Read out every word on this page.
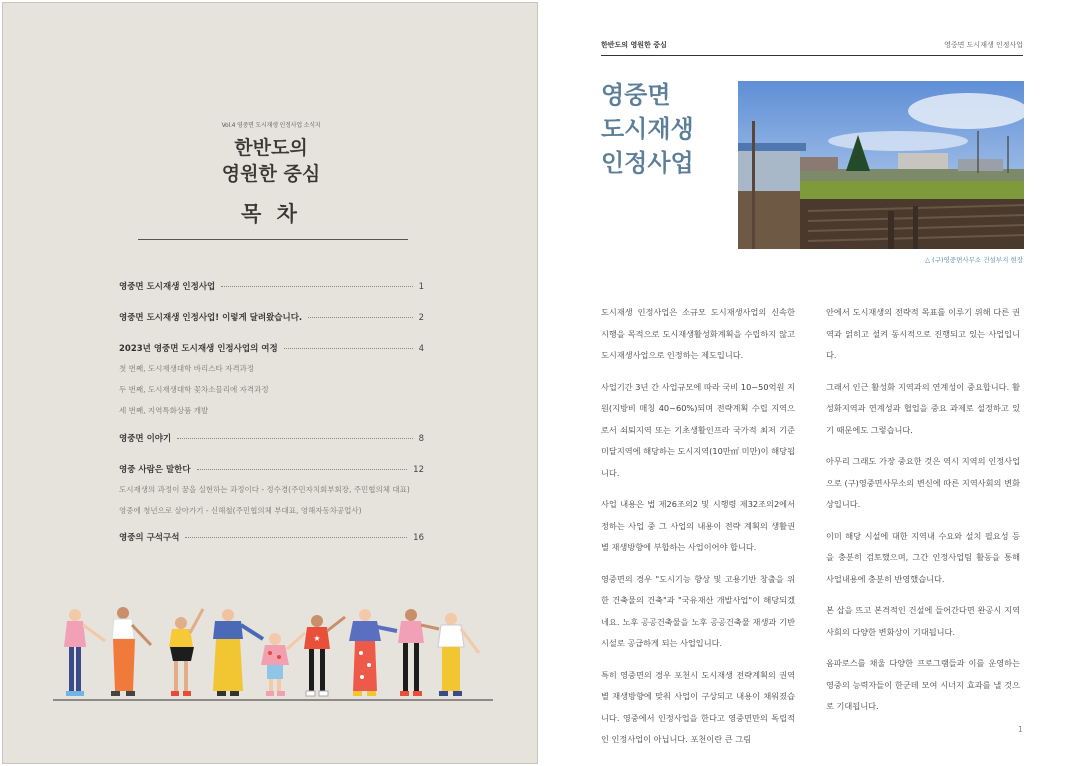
Vol.4 영중면 도시재생 인정사업 소식지
한반도의
영원한 중심
목 차
영중면 도시재생 인정사업	1
영중면 도시재생 인정사업! 이렇게 달려왔습니다.	2
2023년 영중면 도시재생 인정사업의 여정	4
첫 번째, 도시재생대학 바리스타 자격과정
두 번째, 도시재생대학 꽃차소믈리에 자격과정
세 번째, 지역특화상품 개발
영중면 이야기	8
영중 사람은 말한다	12
도시재생의 과정이 꿈을 실현하는 과정이다 - 정수경(주민자치회부회장, 주민협의체 대표)
영중에 청년으로 살아가기 - 신해철(주민협의체 부대표, 영해자동차공업사)
영중의 구석구석	16
★
한반도의 영원한 중심	영중면 도시재생 인정사업
영중면
도시재생
인정사업
△ (구)영중면사무소 건설부지 현장

도시재생 인정사업은 소규모 도시재생사업의 신속한 시행을 목적으로 도시재생활성화계획을 수립하지 않고 도시재생사업으로 인정하는 제도입니다.

사업기간 3년 간 사업규모에 따라 국비 10~50억원 지원(지방비 매칭 40~60%)되며 전략계획 수립 지역으로서 쇠퇴지역 또는 기초생활인프라 국가적 최저 기준 미달지역에 해당하는 도시지역(10만㎡ 미만)이 해당됩니다.

사업 내용은 법 제26조의2 및 시행령 제32조의2에서 정하는 사업 중 그 사업의 내용이 전략 계획의 생활권별 재생방향에 부합하는 사업이어야 합니다.

영중면의 경우 "도시기능 향상 및 고용기반 창출을 위한 건축물의 건축"과 "국유재산 개발사업"이 해당되겠네요. 노후 공공건축물을 노후 공공건축물 재생과 기반시설로 공급하게 되는 사업입니다.

특히 영중면의 경우 포천시 도시재생 전략계획의 권역별 재생방향에 맞춰 사업이 구상되고 내용이 채워졌습니다. 영중에서 인정사업을 한다고 영중면만의 독립적인 인정사업이 아닙니다. 포천이란 큰 그림

안에서 도시재생의 전략적 목표를 이루기 위해 다른 권역과 얽히고 설켜 동시적으로 진행되고 있는 사업입니다.

그래서 인근 활성화 지역과의 연계성이 중요합니다. 활성화지역과 연계성과 협업을 중요 과제로 설정하고 있기 때문에도 그렇습니다.

아무리 그래도 가장 중요한 것은 역시 지역의 인정사업으로 (구)영중면사무소의 변신에 따른 지역사회의 변화상입니다.

이미 해당 시설에 대한 지역내 수요와 설치 필요성 등을 충분히 검토했으며, 그간 인정사업팀 활동을 통해 사업내용에 충분히 반영했습니다.

본 삽을 뜨고 본격적인 건설에 들어간다면 완공시 지역사회의 다양한 변화상이 기대됩니다.

옴파로스를 채울 다양한 프로그램들과 이를 운영하는 영중의 능력자들이 한군데 모여 시너지 효과를 낼 것으로 기대됩니다.

1
